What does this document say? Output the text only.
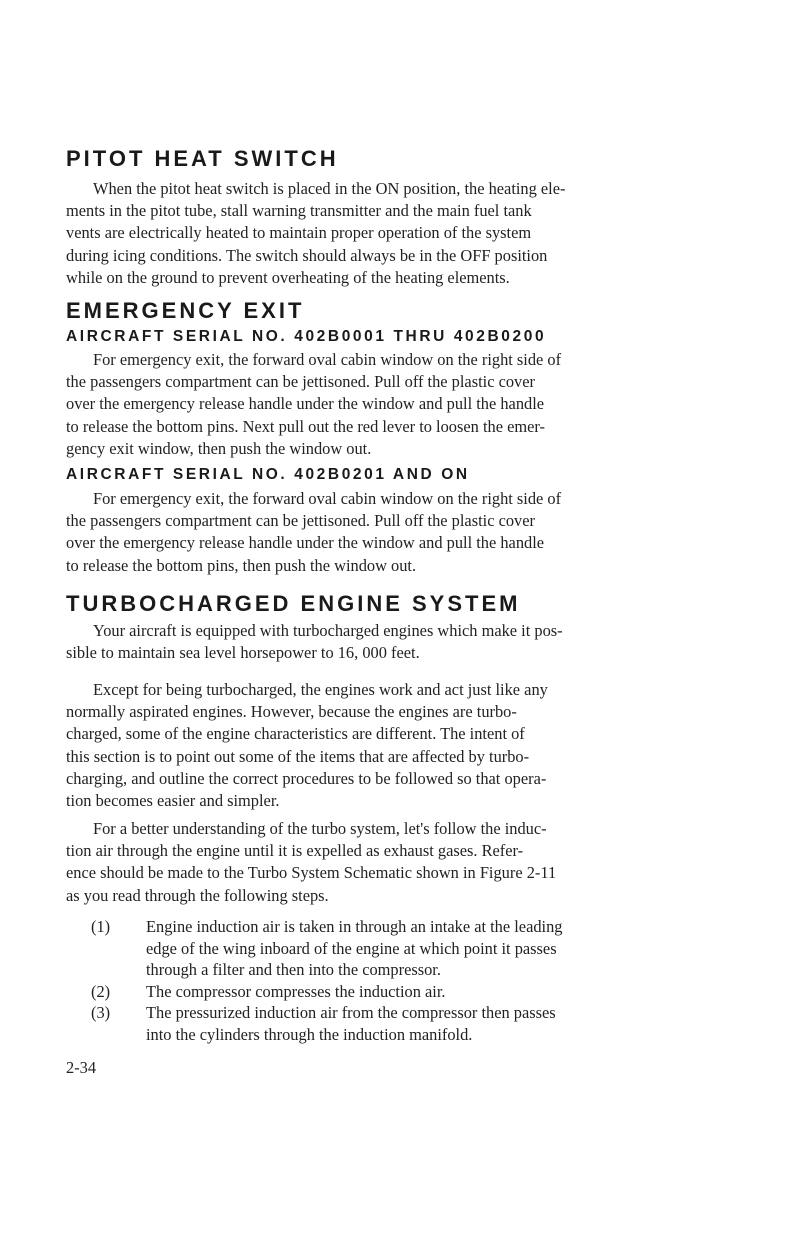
PITOT HEAT SWITCH
When the pitot heat switch is placed in the ON position, the heating ele-
ments in the pitot tube, stall warning transmitter and the main fuel tank
vents are electrically heated to maintain proper operation of the system
during icing conditions. The switch should always be in the OFF position
while on the ground to prevent overheating of the heating elements.
EMERGENCY EXIT
AIRCRAFT SERIAL NO. 402B0001 THRU 402B0200
For emergency exit, the forward oval cabin window on the right side of
the passengers compartment can be jettisoned. Pull off the plastic cover
over the emergency release handle under the window and pull the handle
to release the bottom pins. Next pull out the red lever to loosen the emer-
gency exit window, then push the window out.
AIRCRAFT SERIAL NO. 402B0201 AND ON
For emergency exit, the forward oval cabin window on the right side of
the passengers compartment can be jettisoned. Pull off the plastic cover
over the emergency release handle under the window and pull the handle
to release the bottom pins, then push the window out.
TURBOCHARGED ENGINE SYSTEM
Your aircraft is equipped with turbocharged engines which make it pos-
sible to maintain sea level horsepower to 16, 000 feet.
Except for being turbocharged, the engines work and act just like any
normally aspirated engines. However, because the engines are turbo-
charged, some of the engine characteristics are different. The intent of
this section is to point out some of the items that are affected by turbo-
charging, and outline the correct procedures to be followed so that opera-
tion becomes easier and simpler.
For a better understanding of the turbo system, let's follow the induc-
tion air through the engine until it is expelled as exhaust gases. Refer-
ence should be made to the Turbo System Schematic shown in Figure 2-11
as you read through the following steps.
(1) Engine induction air is taken in through an intake at the leading
edge of the wing inboard of the engine at which point it passes
through a filter and then into the compressor.
(2) The compressor compresses the induction air.
(3) The pressurized induction air from the compressor then passes
into the cylinders through the induction manifold.

2-34
